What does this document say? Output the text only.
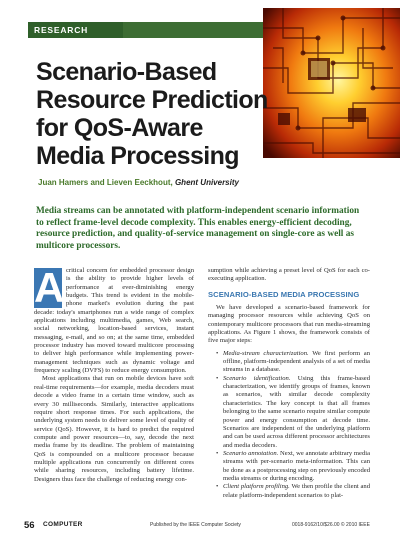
RESEARCH FEATURE
Scenario-Based
Resource Prediction
for QoS-Aware
Media Processing
Juan Hamers and Lieven Eeckhout, Ghent University
Media streams can be annotated with platform-independent scenario information to reflect frame-level decode complexity. This enables energy-efficient decoding, resource prediction, and quality-of-service management on single-core as well as multicore processors.
A critical concern for embedded processor design is the ability to provide higher levels of performance at ever-diminishing energy budgets. This trend is evident in the mobile-phone market's evolution during the past decade: today's smartphones run a wide range of complex applications including multimedia, games, Web search, social networking, location-based services, instant messaging, e-mail, and so on; at the same time, embedded processor industry has moved toward multicore processing to deliver high performance while implementing power-management techniques such as dynamic voltage and frequency scaling (DVFS) to reduce energy consumption.

Most applications that run on mobile devices have soft real-time requirements—for example, media decoders must decode a video frame in a certain time window, such as every 30 milliseconds. Similarly, interactive applications require short response times. For such applications, the underlying system needs to deliver some level of quality of service (QoS). However, it is hard to predict the required compute and power resources—to, say, decode the next media frame by its deadline. The problem of maintaining QoS is compounded on a multicore processor because multiple applications run concurrently on different cores while sharing resources, including battery lifetime. Designers thus face the challenge of reducing energy con-

sumption while achieving a preset level of QoS for each co-executing application.

SCENARIO-BASED MEDIA PROCESSING

We have developed a scenario-based framework for managing processor resources while achieving QoS on contemporary multicore processors that run media-streaming applications. As Figure 1 shows, the framework consists of five major steps:

• Media-stream characterization. We first perform an offline, platform-independent analysis of a set of media streams in a database.
• Scenario identification. Using this frame-based characterization, we identify groups of frames, known as scenarios, with similar decode complexity characteristics. The key concept is that all frames belonging to the same scenario require similar compute power and energy consumption at decode time. Scenarios are independent of the underlying platform and can be used across different processor architectures and media decoders.
• Scenario annotation. Next, we annotate arbitrary media streams with per-scenario meta-information. This can be done as a postprocessing step on previously encoded media streams or during encoding.
• Client platform profiling. We then profile the client and relate platform-independent scenarios to plat-
56 COMPUTER	Published by the IEEE Computer Society	0018-9162/10/$26.00 © 2010 IEEE
